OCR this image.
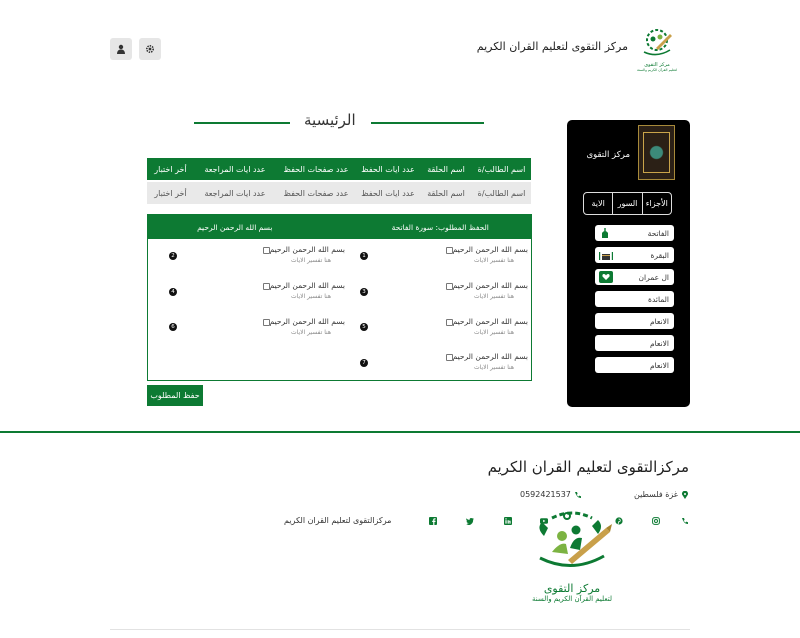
مركز التقوى لتعليم القران الكريم
مركز التقوى
لتعليم القرآن الكريم والسنة
الرئيسية
مركز التقوى
الأجزاء
السور
الاية
الفاتحة
البقرة
ال عمران
المائدة
الانعام
الانعام
الانعام
اسم الطالب/ة
اسم الحلقة
عدد ايات الحفظ
عدد صفحات الحفظ
عدد ايات المراجعة
أخر اختبار
اسم الطالب/ة
اسم الحلقة
عدد ايات الحفظ
عدد صفحات الحفظ
عدد ايات المراجعة
أخر اختبار
الحفظ المطلوب: سورة الفاتحة
بسم الله الرحمن الرحيم
بسم الله الرحمن الرحيم
هنا تفسير الايات
1
بسم الله الرحمن الرحيم
هنا تفسير الايات
3
بسم الله الرحمن الرحيم
هنا تفسير الايات
5
بسم الله الرحمن الرحيم
هنا تفسير الايات
7
بسم الله الرحمن الرحيم
هنا تفسير الايات
2
بسم الله الرحمن الرحيم
هنا تفسير الايات
4
بسم الله الرحمن الرحيم
هنا تفسير الايات
6
حفظ المطلوب
مركزالتقوى لتعليم القران الكريم
غزة فلسطين
0592421537
مركزالتقوى لتعليم القران الكريم
مركز التقوى
لتعليم القرآن الكريم والسنة
